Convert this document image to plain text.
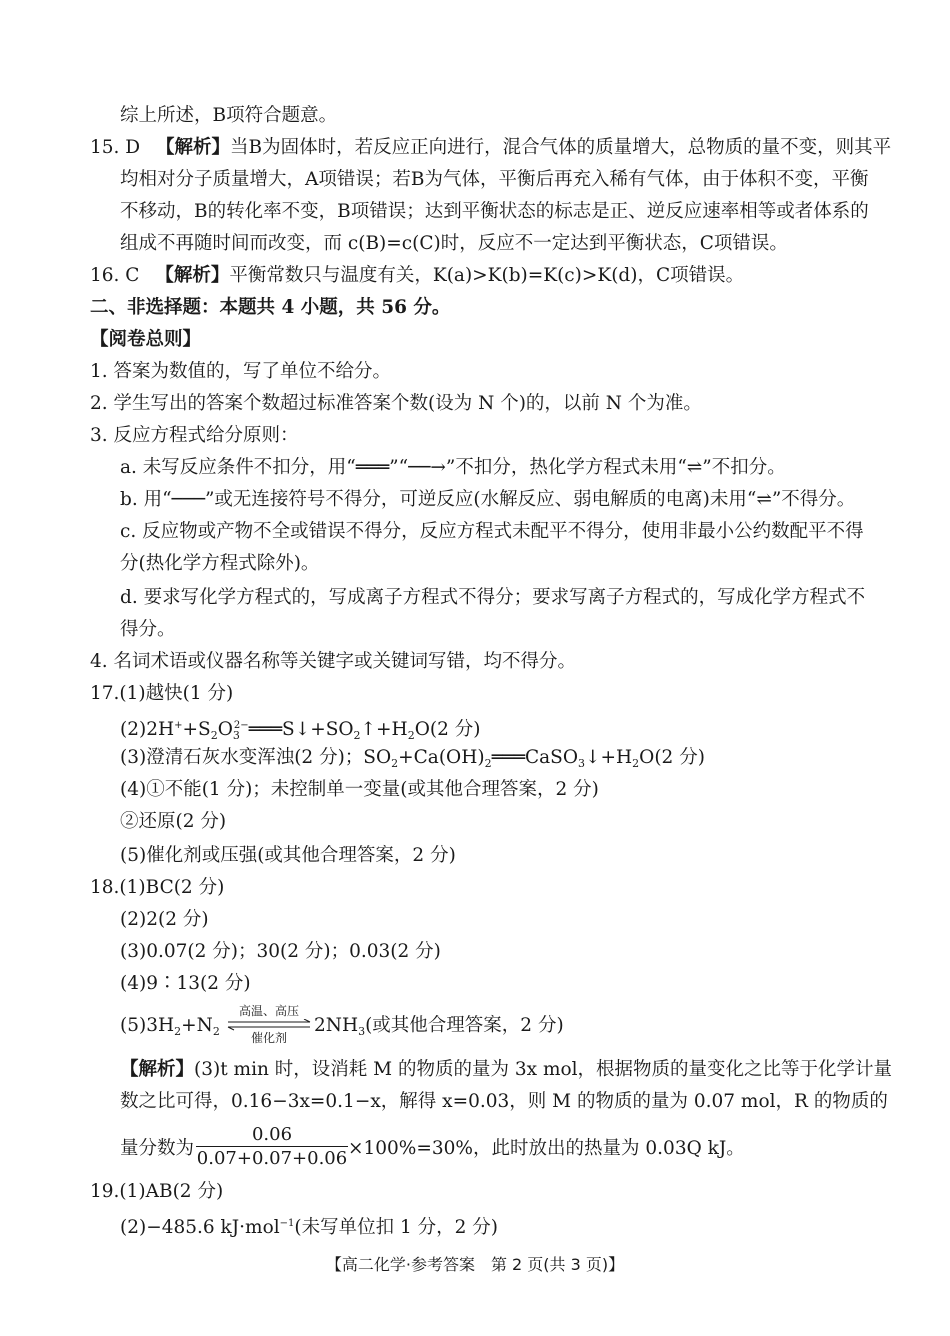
综上所述，B项符合题意。
15. D 【解析】当B为固体时，若反应正向进行，混合气体的质量增大，总物质的量不变，则其平
均相对分子质量增大，A项错误；若B为气体，平衡后再充入稀有气体，由于体积不变，平衡
不移动，B的转化率不变，B项错误；达到平衡状态的标志是正、逆反应速率相等或者体系的
组成不再随时间而改变，而 c(B)=c(C)时，反应不一定达到平衡状态，C项错误。
16. C 【解析】平衡常数只与温度有关，K(a)>K(b)=K(c)>K(d)，C项错误。
二、非选择题：本题共 4 小题，共 56 分。
【阅卷总则】
1. 答案为数值的，写了单位不给分。
2. 学生写出的答案个数超过标准答案个数(设为 N 个)的，以前 N 个为准。
3. 反应方程式给分原则：
a. 未写反应条件不扣分，用“═══”“──→”不扣分，热化学方程式未用“⇌”不扣分。
b. 用“───”或无连接符号不得分，可逆反应(水解反应、弱电解质的电离)未用“⇌”不得分。
c. 反应物或产物不全或错误不得分，反应方程式未配平不得分，使用非最小公约数配平不得
分(热化学方程式除外)。
d. 要求写化学方程式的，写成离子方程式不得分；要求写离子方程式的，写成化学方程式不
得分。
4. 名词术语或仪器名称等关键字或关键词写错，均不得分。
17.(1)越快(1 分)
$(2)2H^++S_2O_3^{2-}═══S↓+SO_2↑+H_2O(2$ 分)
(3)澄清石灰水变浑浊(2 分)；$SO_2+Ca(OH)_2═══CaSO_3↓+H_2O(2$ 分)
(4)①不能(1 分)；未控制单一变量(或其他合理答案，2 分)
②还原(2 分)
(5)催化剂或压强(或其他合理答案，2 分)
18.(1)BC(2 分)
(2)2(2 分)
(3)0.07(2 分)；30(2 分)；0.03(2 分)
(4)9∶13(2 分)
$(5)3H_2+N_2$
高温、高压
催化剂
$2NH_3$(或其他合理答案，2 分)
【解析】(3)t min 时，设消耗 M 的物质的量为 3x mol，根据物质的量变化之比等于化学计量
数之比可得，0.16−3x=0.1−x，解得 x=0.03，则 M 的物质的量为 0.07 mol，R 的物质的
量分数为 $\frac{0.06}{0.07+0.07+0.06} \times 100\%=30\%$，此时放出的热量为 0.03Q kJ。
19.(1)AB(2 分)
(2)−485.6 kJ·mol$^{-1}$(未写单位扣 1 分，2 分)
【高二化学·参考答案　第 2 页(共 3 页)】
